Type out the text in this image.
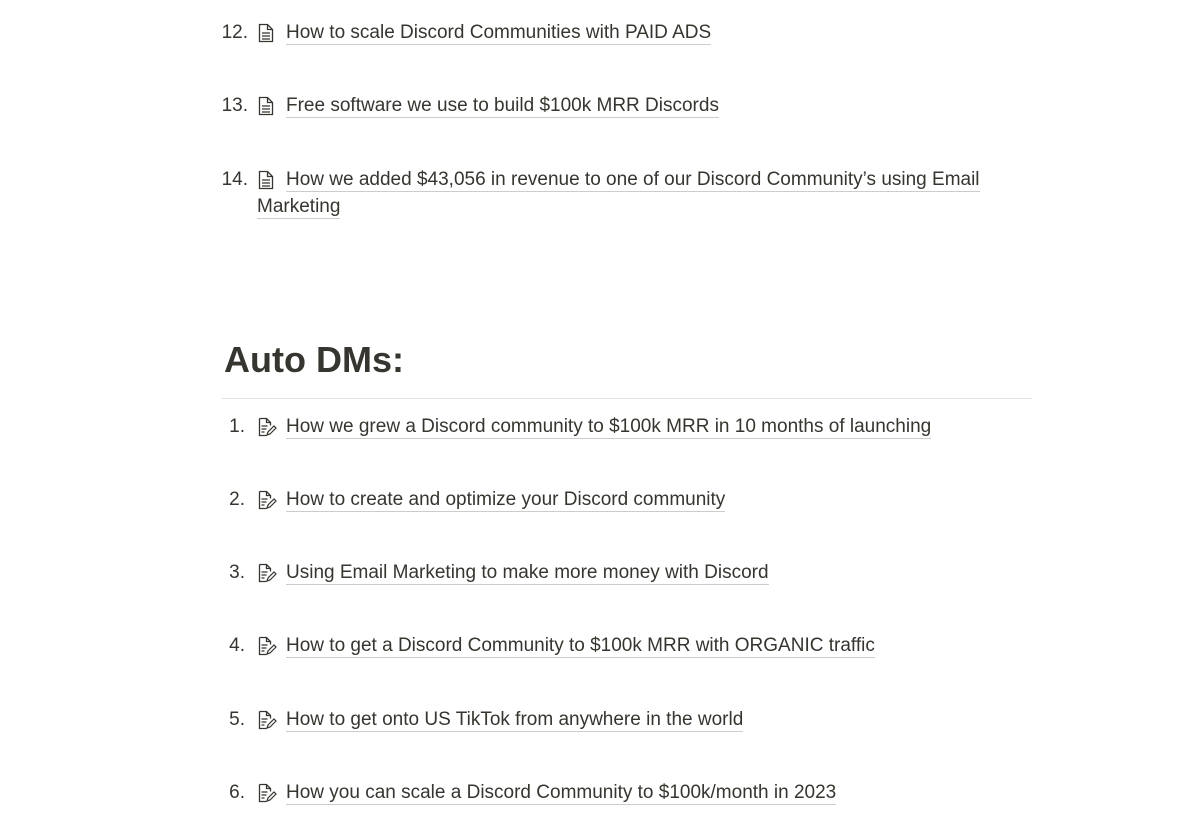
12. How to scale Discord Communities with PAID ADS
13. Free software we use to build $100k MRR Discords
14. How we added $43,056 in revenue to one of our Discord Community’s using Email
Marketing
Auto DMs:
1. How we grew a Discord community to $100k MRR in 10 months of launching
2. How to create and optimize your Discord community
3. Using Email Marketing to make more money with Discord
4. How to get a Discord Community to $100k MRR with ORGANIC traffic
5. How to get onto US TikTok from anywhere in the world
6. How you can scale a Discord Community to $100k/month in 2023
